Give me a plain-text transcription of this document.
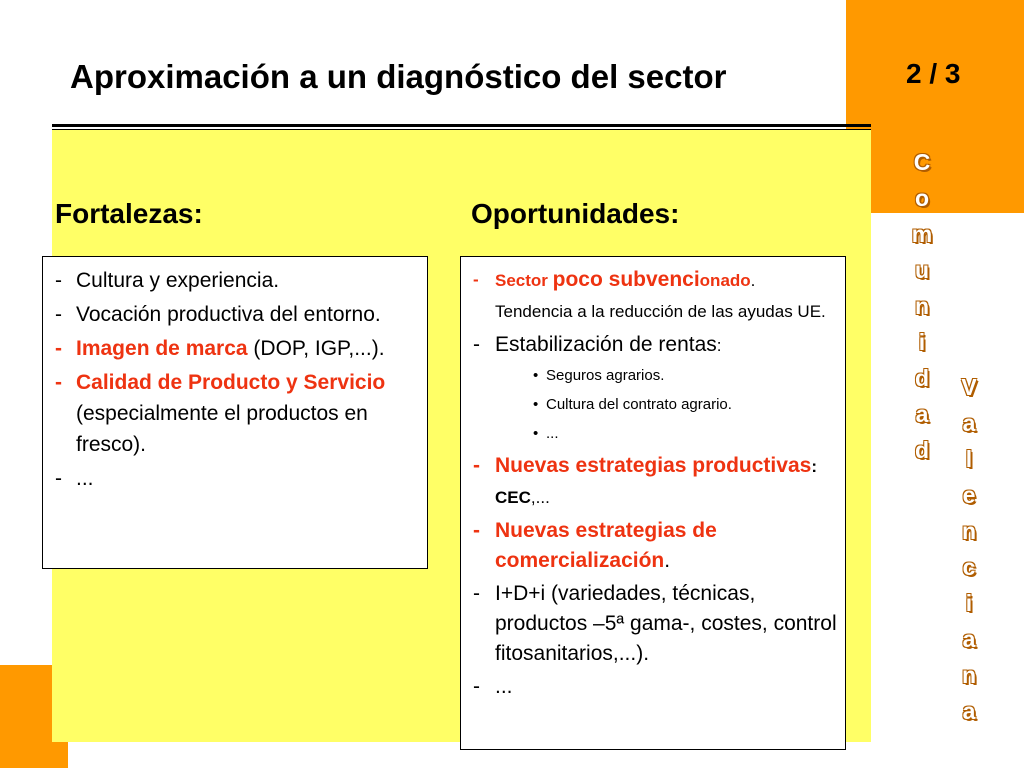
Aproximación a un diagnóstico del sector	2 / 3
C
o
m
u
n
i
d
a
d
V
a
l
e
n
c
i
a
n
a
Fortalezas:	Oportunidades:
- Cultura y experiencia.
- Vocación productiva del entorno.
- Imagen de marca (DOP, IGP,...).
- Calidad de Producto y Servicio (especialmente el productos en fresco).
- ...
- Sector poco subvencionado. Tendencia a la reducción de las ayudas UE.
- Estabilización de rentas:
• Seguros agrarios.
• Cultura del contrato agrario.
• ...
- Nuevas estrategias productivas: CEC,...
- Nuevas estrategias de comercialización.
- I+D+i (variedades, técnicas, productos –5ª gama-, costes, control fitosanitarios,...).
- ...
